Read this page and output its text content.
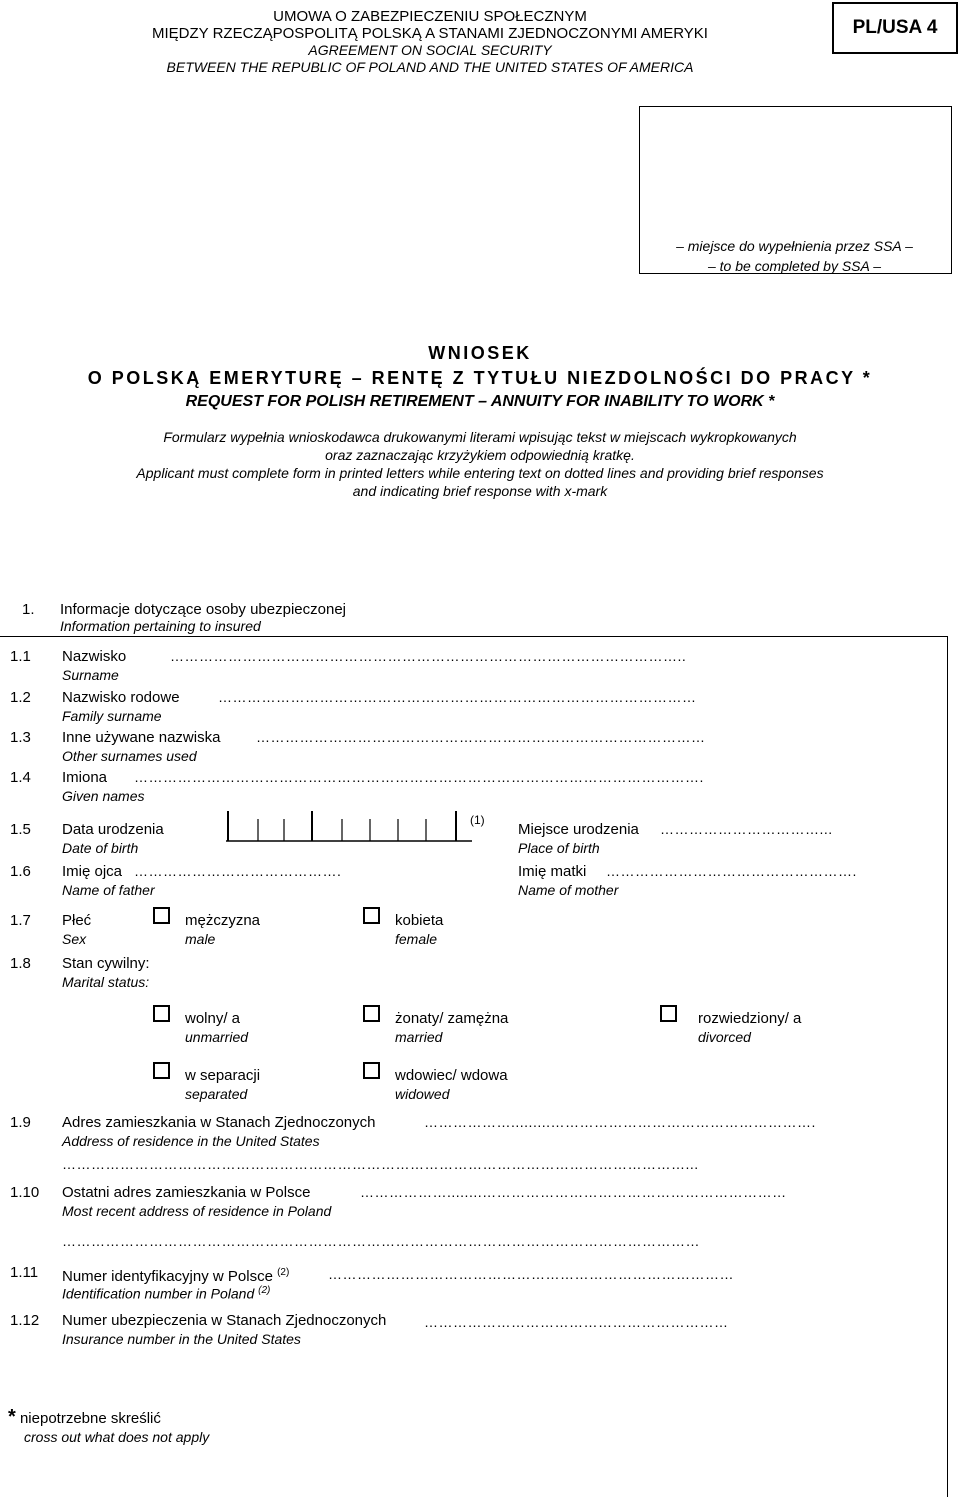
UMOWA O ZABEZPIECZENIU SPOŁECZNYM
MIĘDZY RZECZĄPOSPOLITĄ POLSKĄ A STANAMI ZJEDNOCZONYMI AMERYKI
AGREEMENT ON SOCIAL SECURITY
BETWEEN THE REPUBLIC OF POLAND AND THE UNITED STATES OF AMERICA
PL/USA 4
– miejsce do wypełnienia przez SSA –
– to be completed by SSA –
WNIOSEK
O POLSKĄ EMERYTURĘ – RENTĘ Z TYTUŁU NIEZDOLNOŚCI DO PRACY *
REQUEST FOR POLISH RETIREMENT – ANNUITY FOR INABILITY TO WORK *
Formularz wypełnia wnioskodawca drukowanymi literami wpisując tekst w miejscach wykropkowanych
oraz zaznaczając krzyżykiem odpowiednią kratkę.
Applicant must complete form in printed letters while entering text on dotted lines and providing brief responses
and indicating brief response with x-mark
1. Informacje dotyczące osoby ubezpieczonej
Information pertaining to insured
1.1 Nazwisko
Surname
……………………………………………………………………………………………..
1.2 Nazwisko rodowe
Family surname
………………………………………………………………………………………
1.3 Inne używane nazwiska
Other surnames used
…………………………………………………………………………………
1.4 Imiona
Given names
……………………………………………………………………………………………………….
1.5 Data urodzenia
Date of birth
(1)
Miejsce urodzenia
Place of birth
……………………………...
1.6 Imię ojca
Name of father
…………………………………….	Imię matki
Name of mother
…………………………………………….
1.7 Płeć
Sex
mężczyzna
male
kobieta
female
1.8 Stan cywilny:
Marital status:
wolny/ a
unmarried
żonaty/ zamężna
married
rozwiedziony/ a
divorced
w separacji
separated
wdowiec/ wdowa
widowed
1.9 Adres zamieszkania w Stanach Zjednoczonych
Address of residence in the United States
……………….........……………………………………………….
…………………………………………………………………………………………………………………...
1.10 Ostatni adres zamieszkania w Polsce
Most recent address of residence in Poland
………………........………………………………………………………
……………………………………………………………………………………………………………………
1.11 Numer identyfikacyjny w Polsce $^{(2)}$
Identification number in Poland $^{(2)}$
…………………………………………………………………………
1.12 Numer ubezpieczenia w Stanach Zjednoczonych
Insurance number in the United States
………………………………………………………
* niepotrzebne skreślić
cross out what does not apply
